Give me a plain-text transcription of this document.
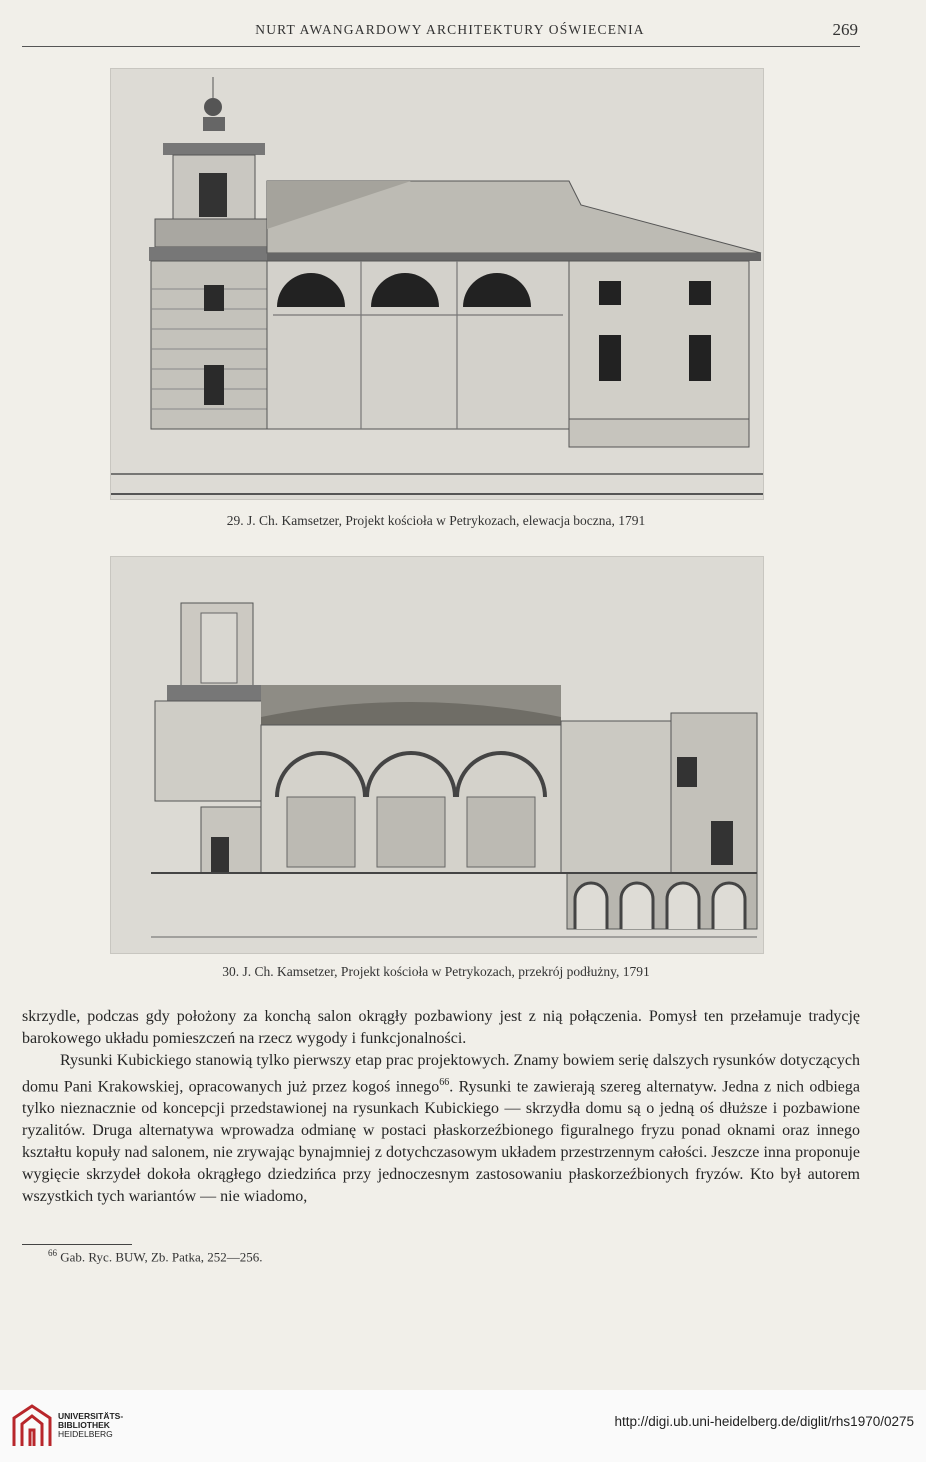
NURT AWANGARDOWY ARCHITEKTURY OŚWIECENIA	269
29. J. Ch. Kamsetzer, Projekt kościoła w Petrykozach, elewacja boczna, 1791
30. J. Ch. Kamsetzer, Projekt kościoła w Petrykozach, przekrój podłużny, 1791

skrzydle, podczas gdy położony za konchą salon okrągły pozbawiony jest z nią połączenia. Pomysł ten przełamuje tradycję barokowego układu pomieszczeń na rzecz wygody i funkcjonalności.

Rysunki Kubickiego stanowią tylko pierwszy etap prac projektowych. Znamy bowiem serię dalszych rysunków dotyczących domu Pani Krakowskiej, opracowanych już przez kogoś innego$^{66}$. Rysunki te zawierają szereg alternatyw. Jedna z nich odbiega tylko nieznacznie od koncepcji przedstawionej na rysunkach Kubickiego — skrzydła domu są o jedną oś dłuższe i pozbawione ryzalitów. Druga alternatywa wprowadza odmianę w postaci płaskorzeźbionego figuralnego fryzu ponad oknami oraz innego kształtu kopuły nad salonem, nie zrywając bynajmniej z dotychczasowym układem przestrzennym całości. Jeszcze inna proponuje wygięcie skrzydeł dokoła okrągłego dziedzińca przy jednoczesnym zastosowaniu płaskorzeźbionych fryzów. Kto był autorem wszystkich tych wariantów — nie wiadomo,

$^{66}$ Gab. Ryc. BUW, Zb. Patka, 252—256.
UNIVERSITÄTS-
BIBLIOTHEK
HEIDELBERG
http://digi.ub.uni-heidelberg.de/diglit/rhs1970/0275
